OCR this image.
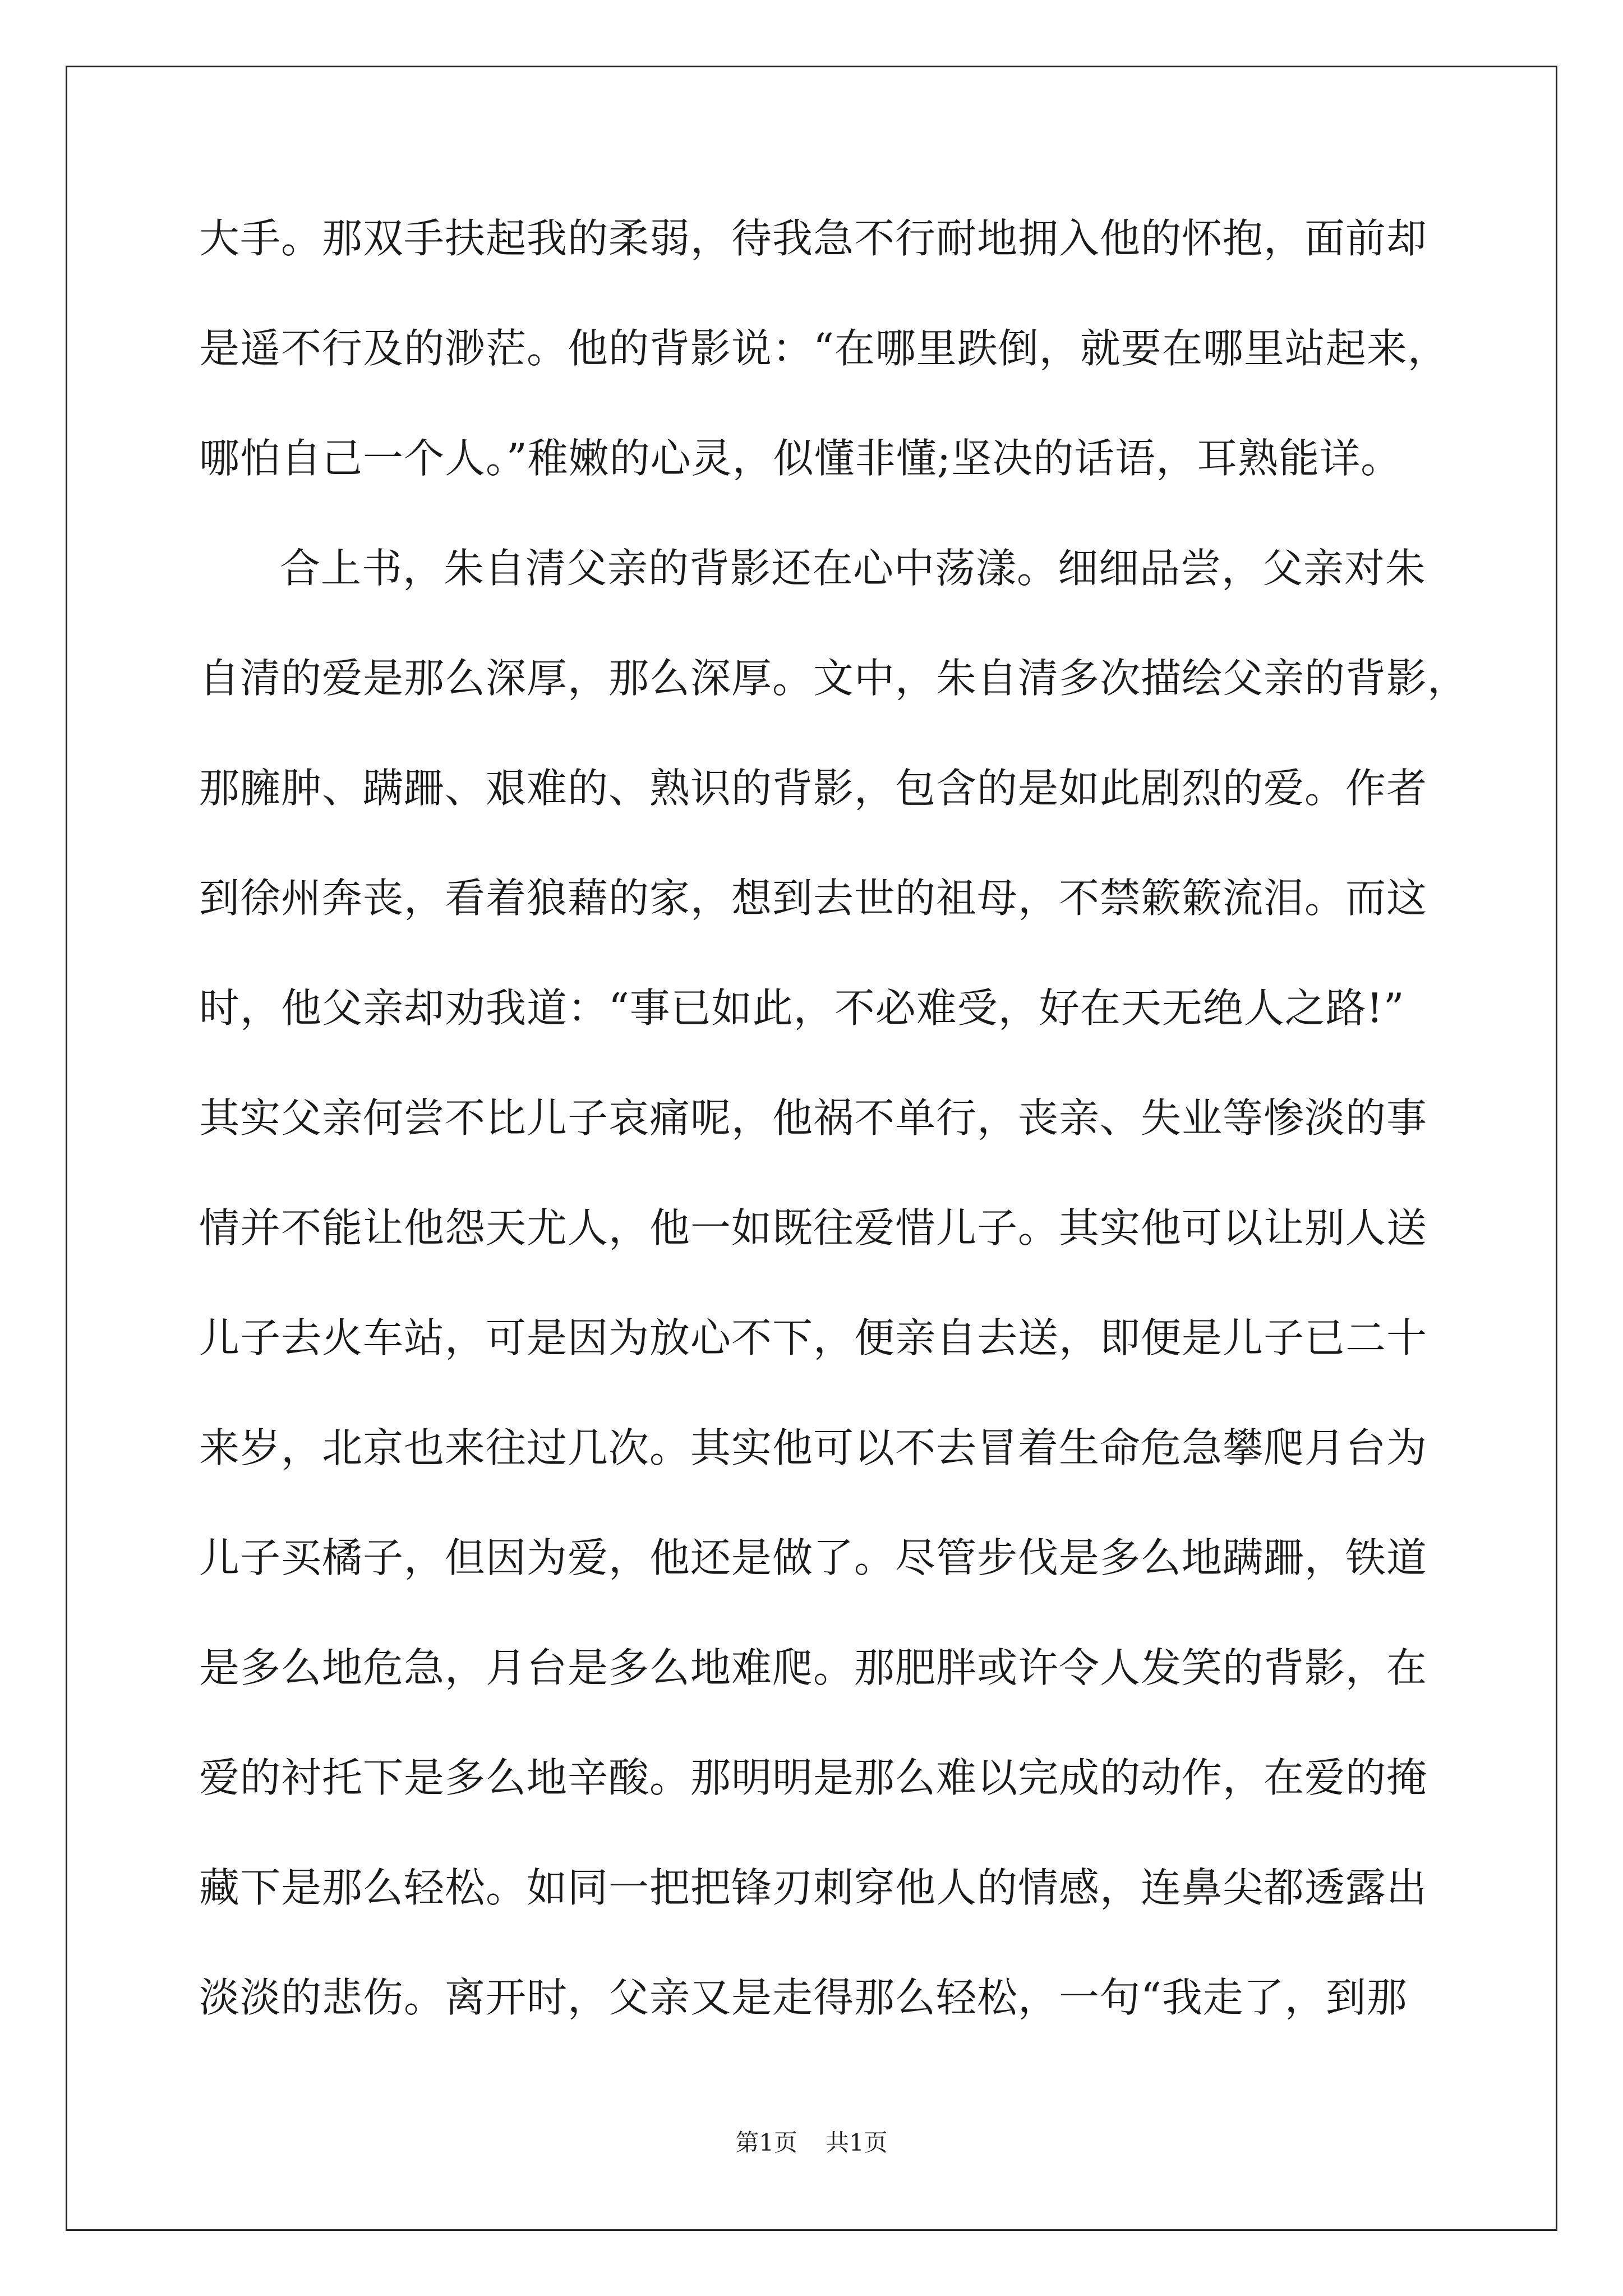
大手。那双手扶起我的柔弱，待我急不行耐地拥入他的怀抱，面前却

是遥不行及的渺茫。他的背影说：“在哪里跌倒，就要在哪里站起来，

哪怕自己一个人。”稚嫩的心灵，似懂非懂;坚决的话语，耳熟能详。

合上书，朱自清父亲的背影还在心中荡漾。细细品尝，父亲对朱

自清的爱是那么深厚，那么深厚。文中，朱自清多次描绘父亲的背影，

那臃肿、蹒跚、艰难的、熟识的背影，包含的是如此剧烈的爱。作者

到徐州奔丧，看着狼藉的家，想到去世的祖母，不禁簌簌流泪。而这

时，他父亲却劝我道：“事已如此，不必难受，好在天无绝人之路!”

其实父亲何尝不比儿子哀痛呢，他祸不单行，丧亲、失业等惨淡的事

情并不能让他怨天尤人，他一如既往爱惜儿子。其实他可以让别人送

儿子去火车站，可是因为放心不下，便亲自去送，即便是儿子已二十

来岁，北京也来往过几次。其实他可以不去冒着生命危急攀爬月台为

儿子买橘子，但因为爱，他还是做了。尽管步伐是多么地蹒跚，铁道

是多么地危急，月台是多么地难爬。那肥胖或许令人发笑的背影，在

爱的衬托下是多么地辛酸。那明明是那么难以完成的动作，在爱的掩

藏下是那么轻松。如同一把把锋刃刺穿他人的情感，连鼻尖都透露出

淡淡的悲伤。离开时，父亲又是走得那么轻松，一句“我走了，到那

第1页 共1页
